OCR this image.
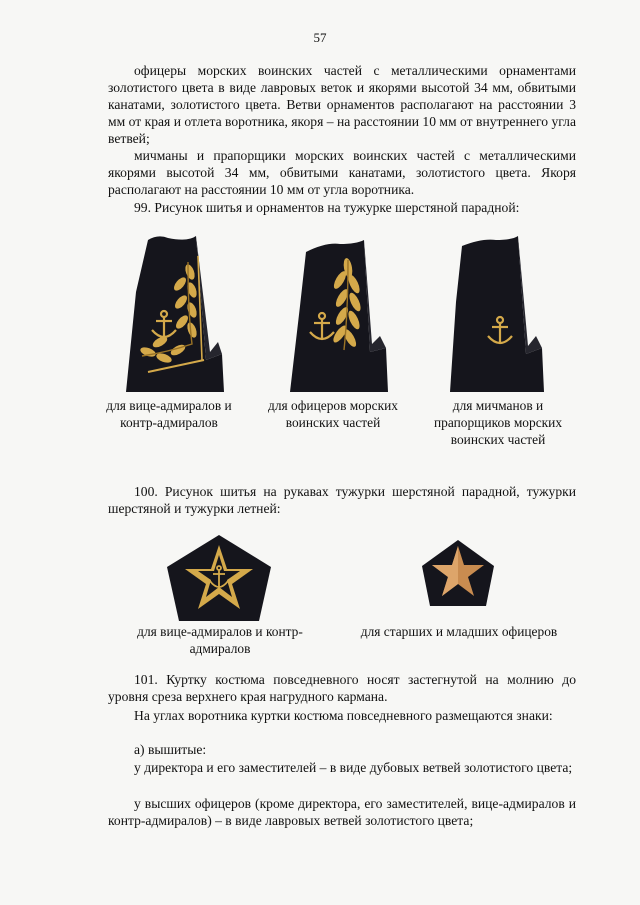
57

офицеры морских воинских частей с металлическими орнаментами золотистого цвета в виде лавровых веток и якорями высотой 34 мм, обвитыми канатами, золотистого цвета. Ветви орнаментов располагают на расстоянии 3 мм от края и отлета воротника, якоря – на расстоянии 10 мм от внутреннего угла ветвей;

мичманы и прапорщики морских воинских частей с металлическими якорями высотой 34 мм, обвитыми канатами, золотистого цвета. Якоря располагают на расстоянии 10 мм от угла воротника.

99. Рисунок шитья и орнаментов на тужурке шерстяной парадной:

для вице-адмиралов и контр-адмиралов
для офицеров морских воинских частей
для мичманов и прапорщиков морских воинских частей

100. Рисунок шитья на рукавах тужурки шерстяной парадной, тужурки шерстяной и тужурки летней:

для вице-адмиралов и контр-адмиралов
для старших и младших офицеров

101. Куртку костюма повседневного носят застегнутой на молнию до уровня среза верхнего края нагрудного кармана.

На углах воротника куртки костюма повседневного размещаются знаки:

а) вышитые:

у директора и его заместителей – в виде дубовых ветвей золотистого цвета;

у высших офицеров (кроме директора, его заместителей, вице-адмиралов и контр-адмиралов) – в виде лавровых ветвей золотистого цвета;
